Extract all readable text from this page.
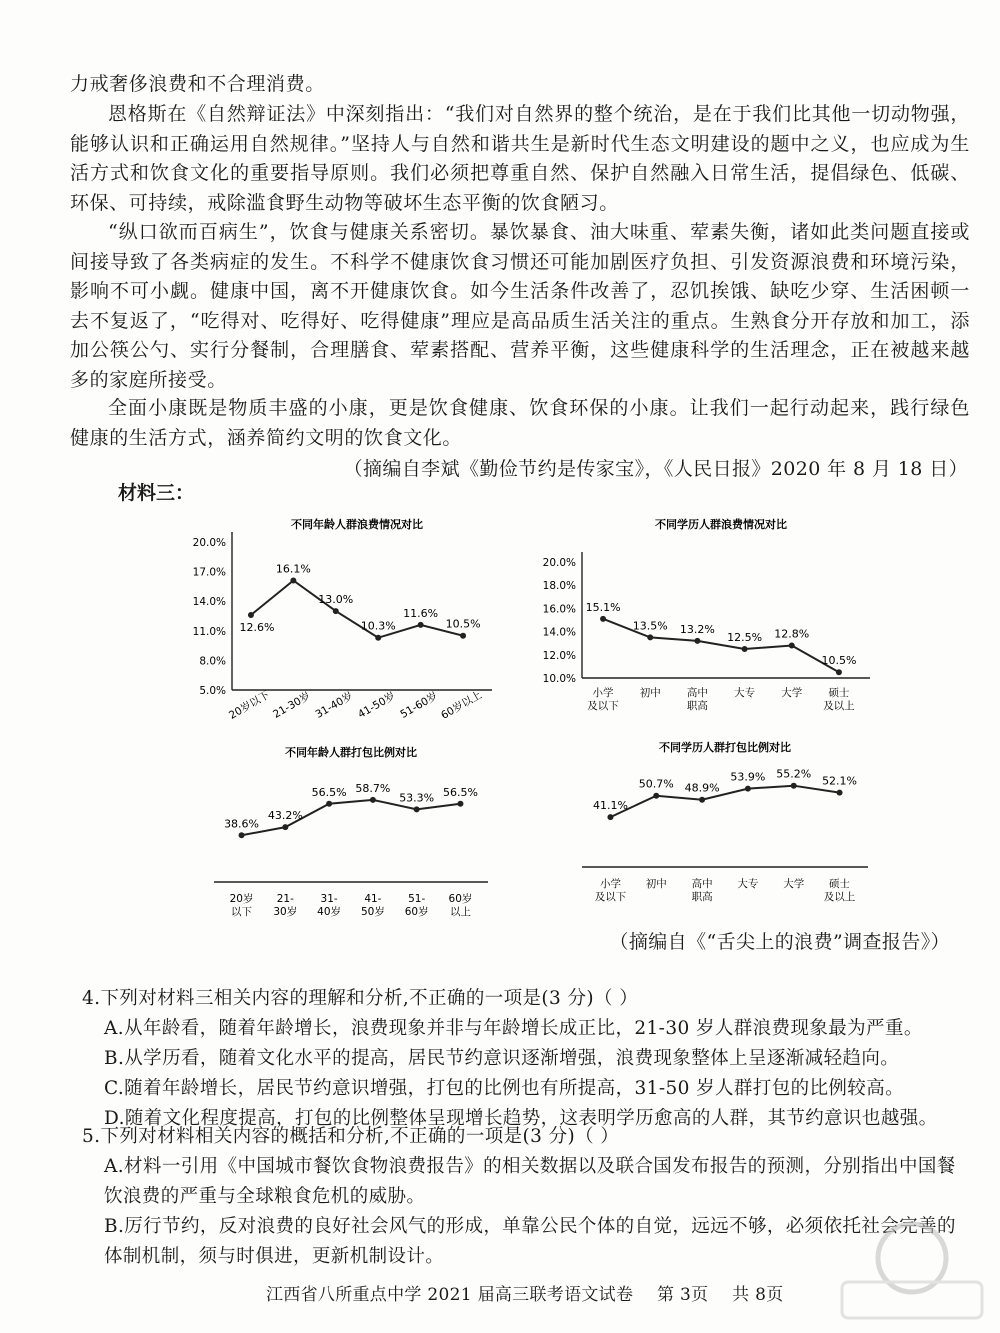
力戒奢侈浪费和不合理消费。

恩格斯在《自然辩证法》中深刻指出：“我们对自然界的整个统治，是在于我们比其他一切动物强，能够认识和正确运用自然规律。”坚持人与自然和谐共生是新时代生态文明建设的题中之义，也应成为生活方式和饮食文化的重要指导原则。我们必须把尊重自然、保护自然融入日常生活，提倡绿色、低碳、环保、可持续，戒除滥食野生动物等破坏生态平衡的饮食陋习。

“纵口欲而百病生”，饮食与健康关系密切。暴饮暴食、油大味重、荤素失衡，诸如此类问题直接或间接导致了各类病症的发生。不科学不健康饮食习惯还可能加剧医疗负担、引发资源浪费和环境污染，影响不可小觑。健康中国，离不开健康饮食。如今生活条件改善了，忍饥挨饿、缺吃少穿、生活困顿一去不复返了，“吃得对、吃得好、吃得健康”理应是高品质生活关注的重点。生熟食分开存放和加工，添加公筷公勺、实行分餐制，合理膳食、荤素搭配、营养平衡，这些健康科学的生活理念，正在被越来越多的家庭所接受。

全面小康既是物质丰盛的小康，更是饮食健康、饮食环保的小康。让我们一起行动起来，践行绿色健康的生活方式，涵养简约文明的饮食文化。

（摘编自李斌《勤俭节约是传家宝》，《人民日报》2020 年 8 月 18 日）
材料三：
不同年龄人群浪费情况对比
20.0%
17.0%
14.0%
11.0%
8.0%
5.0%
12.6%
16.1%
13.0%
10.3%
11.6%
10.5%
20岁以下 21-30岁 31-40岁 41-50岁 51-60岁 60岁以上
不同学历人群浪费情况对比
20.0%
18.0%
16.0%
14.0%
12.0%
10.0%
15.1%
13.5% 13.2%
12.5% 12.8%
10.5%
小学及以下
初中 高中职高
大专 大学	硕士及以上
不同年龄人群打包比例对比
38.6%
43.2%
56.5% 58.7%
53.3% 56.5%
20岁以下
21-30岁
31-40岁
41-50岁
51-60岁
60岁以上
不同学历人群打包比例对比
41.1%
50.7% 48.9%
53.9% 55.2%
52.1%
小学及以下
初中 高中职高
大专 大学	硕士及以上
（摘编自《“舌尖上的浪费”调查报告》）

4.下列对材料三相关内容的理解和分析,不正确的一项是(3 分)（ ）

A.从年龄看，随着年龄增长，浪费现象并非与年龄增长成正比，21-30 岁人群浪费现象最为严重。

B.从学历看，随着文化水平的提高，居民节约意识逐渐增强，浪费现象整体上呈逐渐减轻趋向。

C.随着年龄增长，居民节约意识增强，打包的比例也有所提高，31-50 岁人群打包的比例较高。

D.随着文化程度提高，打包的比例整体呈现增长趋势，这表明学历愈高的人群，其节约意识也越强。

5.下列对材料相关内容的概括和分析,不正确的一项是(3 分)（ ）

A.材料一引用《中国城市餐饮食物浪费报告》的相关数据以及联合国发布报告的预测，分别指出中国餐饮浪费的严重与全球粮食危机的威胁。

B.厉行节约，反对浪费的良好社会风气的形成，单靠公民个体的自觉，远远不够，必须依托社会完善的体制机制，须与时俱进，更新机制设计。

江西省八所重点中学 2021 届高三联考语文试卷 第 3页 共 8页
